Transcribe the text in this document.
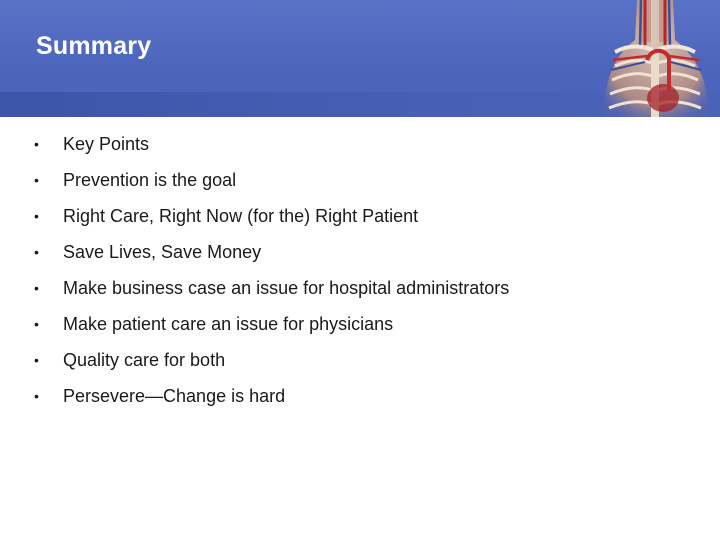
Summary
• Key Points
• Prevention is the goal
• Right Care, Right Now (for the) Right Patient
• Save Lives, Save Money
• Make business case an issue for hospital administrators
• Make patient care an issue for physicians
• Quality care for both
• Persevere—Change is hard
